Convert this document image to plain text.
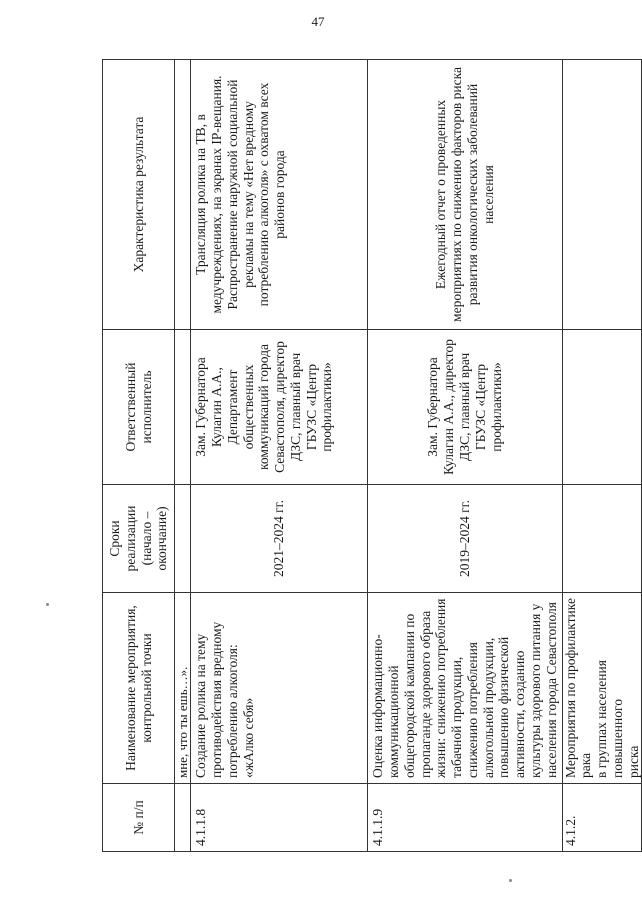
47
№ п/п	Наименование мероприятия, контрольной точки	Сроки реализации (начало – окончание)	Ответственный исполнитель	Характеристика результата
	мне, что ты ешь…».			
4.1.1.8	Создание ролика на тему противодействия вредному потреблению алкоголя: «жАлко себя»	2021–2024 гг.	Зам. Губернатора Кулагин А.А., Департамент общественных коммуникаций города Севастополя, директор ДЗС, главный врач ГБУЗС «Центр профилактики»	Трансляция ролика на ТВ, в медучреждениях, на экранах IP-вещания. Распространение наружной социальной рекламы на тему «Нет вредному потреблению алкоголя» с охватом всех районов города
4.1.1.9	Оценка информационно-коммуникационной общегородской кампании по пропаганде здорового образа жизни: снижению потребления табачной продукции, снижению потребления алкогольной продукции, повышению физической активности, созданию культуры здорового питания у населения города Севастополя	2019–2024 гг.	Зам. Губернатора Кулагин А.А., директор ДЗС, главный врач ГБУЗС «Центр профилактики»	Ежегодный отчет о проведенных мероприятиях по снижению факторов риска развития онкологических заболеваний населения
4.1.2.	Мероприятия по профилактике рака в группах населения повышенного риска			
